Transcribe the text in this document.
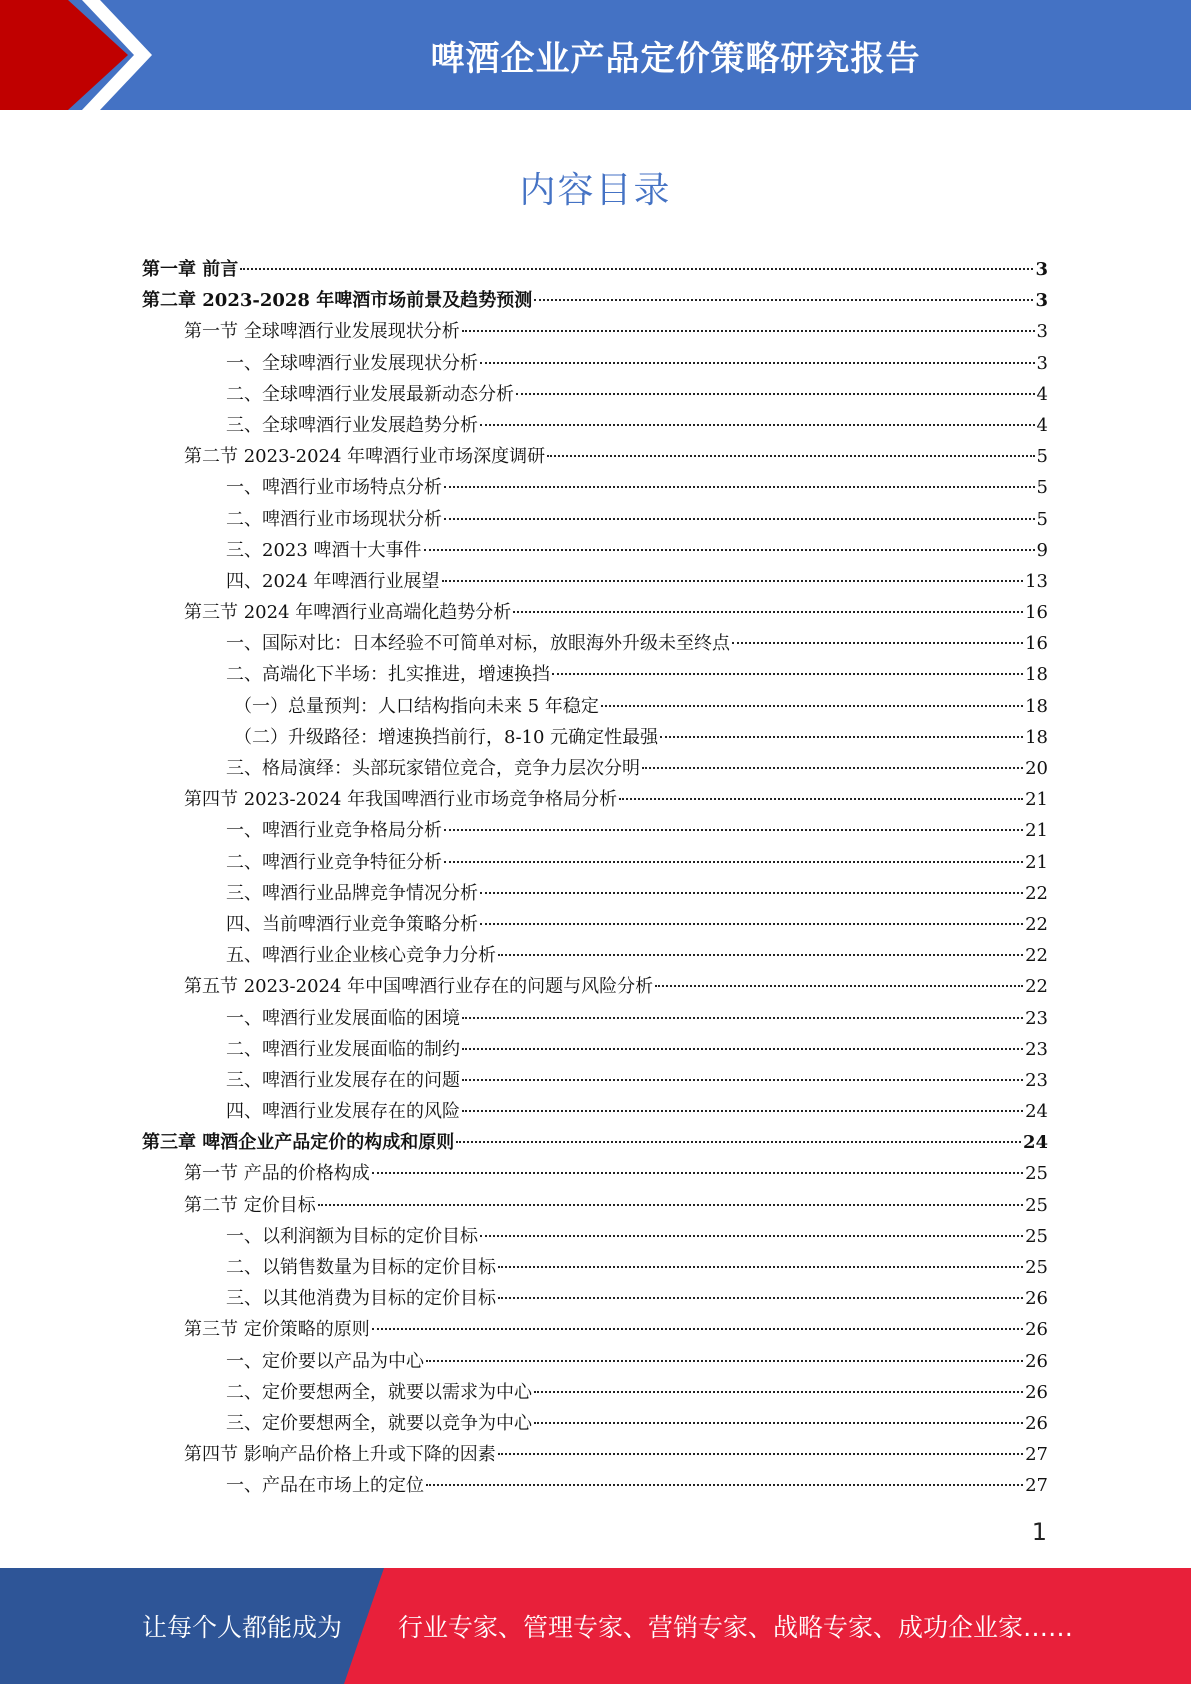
啤酒企业产品定价策略研究报告
内容目录
第一章 前言	3
第二章 2023-2028 年啤酒市场前景及趋势预测	3
第一节 全球啤酒行业发展现状分析	3
一、全球啤酒行业发展现状分析	3
二、全球啤酒行业发展最新动态分析	4
三、全球啤酒行业发展趋势分析	4
第二节 2023-2024 年啤酒行业市场深度调研	5
一、啤酒行业市场特点分析	5
二、啤酒行业市场现状分析	5
三、2023 啤酒十大事件	9
四、2024 年啤酒行业展望	13
第三节 2024 年啤酒行业高端化趋势分析	16
一、国际对比：日本经验不可简单对标，放眼海外升级未至终点	16
二、高端化下半场：扎实推进，增速换挡	18
（一）总量预判：人口结构指向未来 5 年稳定	18
（二）升级路径：增速换挡前行，8-10 元确定性最强	18
三、格局演绎：头部玩家错位竞合，竞争力层次分明	20
第四节 2023-2024 年我国啤酒行业市场竞争格局分析	21
一、啤酒行业竞争格局分析	21
二、啤酒行业竞争特征分析	21
三、啤酒行业品牌竞争情况分析	22
四、当前啤酒行业竞争策略分析	22
五、啤酒行业企业核心竞争力分析	22
第五节 2023-2024 年中国啤酒行业存在的问题与风险分析	22
一、啤酒行业发展面临的困境	23
二、啤酒行业发展面临的制约	23
三、啤酒行业发展存在的问题	23
四、啤酒行业发展存在的风险	24
第三章 啤酒企业产品定价的构成和原则	24
第一节 产品的价格构成	25
第二节 定价目标	25
一、以利润额为目标的定价目标	25
二、以销售数量为目标的定价目标	25
三、以其他消费为目标的定价目标	26
第三节 定价策略的原则	26
一、定价要以产品为中心	26
二、定价要想两全，就要以需求为中心	26
三、定价要想两全，就要以竞争为中心	26
第四节 影响产品价格上升或下降的因素	27
一、产品在市场上的定位	27
1
让每个人都能成为 行业专家、管理专家、营销专家、战略专家、成功企业家……
